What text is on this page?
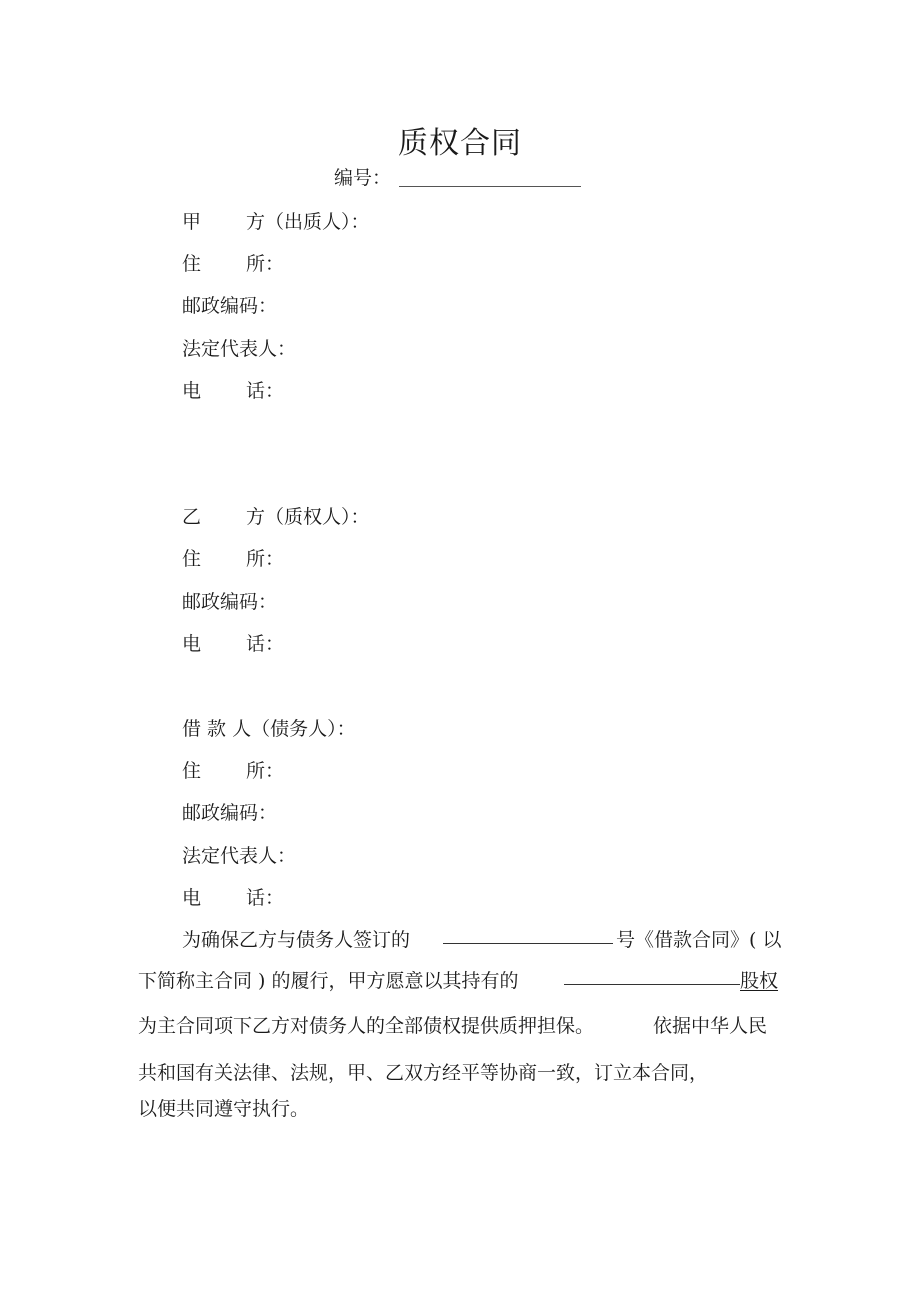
质权合同
编号：
甲 方（出质人）：
住 所：
邮政编码：
法定代表人：
电 话：
乙 方（质权人）：
住 所：
邮政编码：
电 话：
借 款 人（债务人）：
住 所：
邮政编码：
法定代表人：
电 话：
为确保乙方与债务人签订的	号《借款合同》( 以
下简称主合同 ) 的履行，甲方愿意以其持有的	股权
为主合同项下乙方对债务人的全部债权提供质押担保。	依据中华人民
共和国有关法律、法规，甲、乙双方经平等协商一致，订立本合同，
以便共同遵守执行。
